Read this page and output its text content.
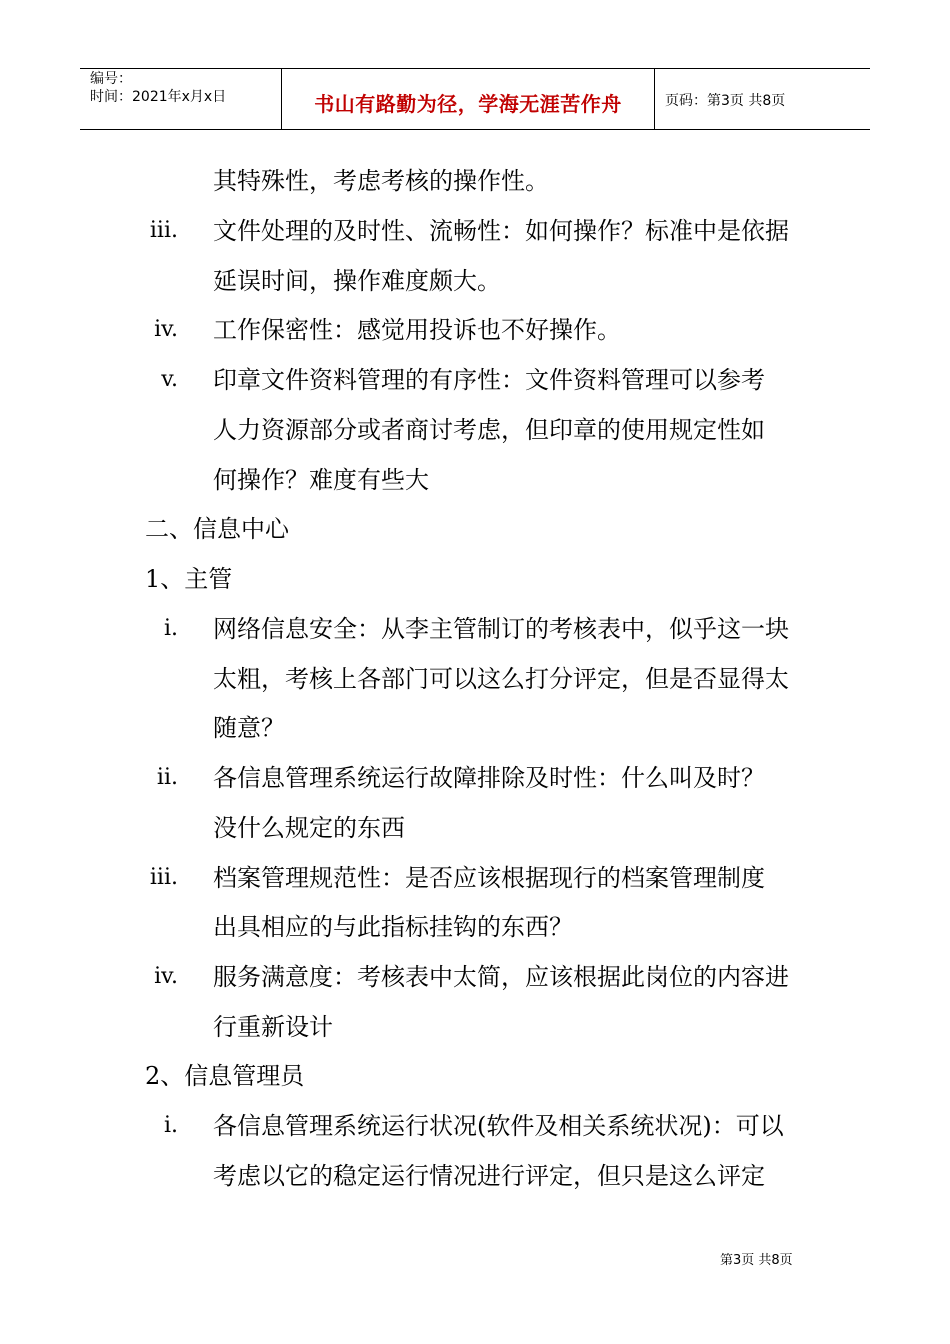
编号：
时间：2021年x月x日	书山有路勤为径，学海无涯苦作舟	页码：第3页 共8页
其特殊性，考虑考核的操作性。
iii. 文件处理的及时性、流畅性：如何操作？标准中是依据
延误时间，操作难度颇大。
iv. 工作保密性：感觉用投诉也不好操作。
v. 印章文件资料管理的有序性：文件资料管理可以参考
人力资源部分或者商讨考虑，但印章的使用规定性如
何操作？难度有些大
二、信息中心
1、主管
i. 网络信息安全：从李主管制订的考核表中，似乎这一块
太粗，考核上各部门可以这么打分评定，但是否显得太
随意？
ii. 各信息管理系统运行故障排除及时性：什么叫及时？
没什么规定的东西
iii. 档案管理规范性：是否应该根据现行的档案管理制度
出具相应的与此指标挂钩的东西？
iv. 服务满意度：考核表中太简，应该根据此岗位的内容进
行重新设计
2、信息管理员
i. 各信息管理系统运行状况(软件及相关系统状况)：可以
考虑以它的稳定运行情况进行评定，但只是这么评定
第3页 共8页
